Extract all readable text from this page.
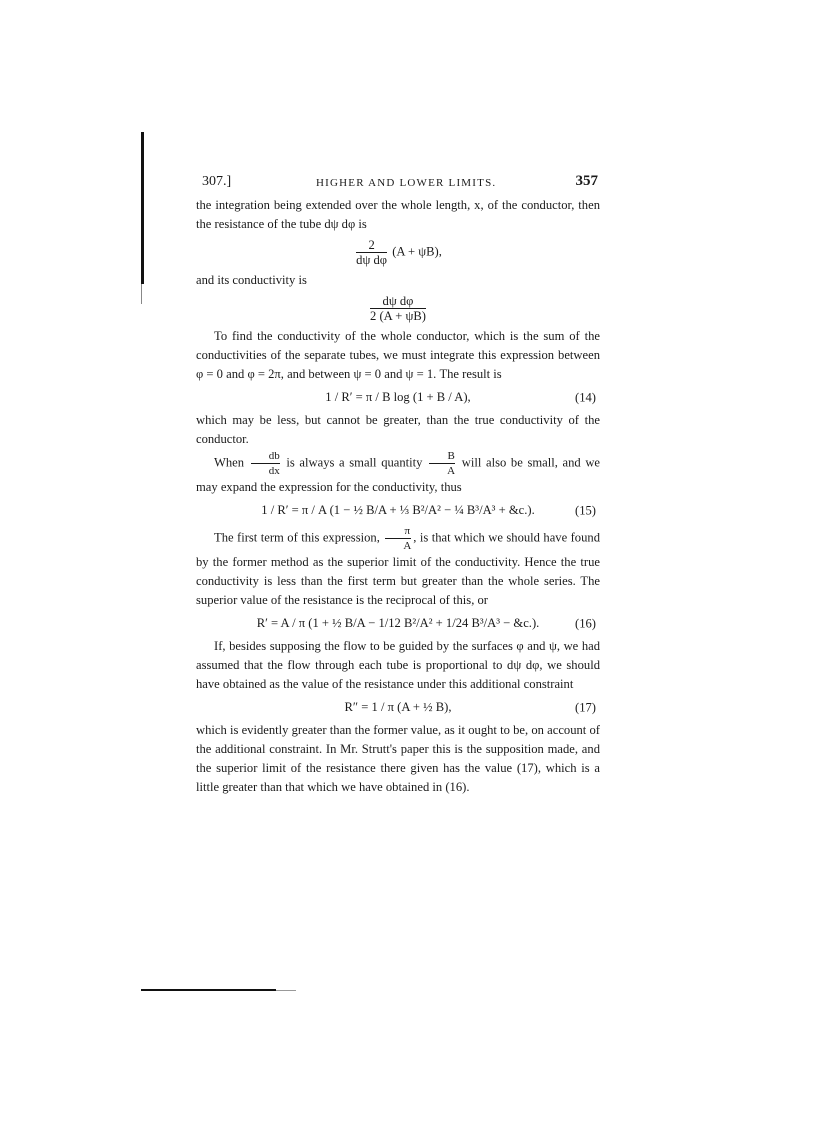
307.]	HIGHER AND LOWER LIMITS.	357

the integration being extended over the whole length, x, of the conductor, then the resistance of the tube dψ dφ is

$\frac{2}{\text{dψ dφ}} (A + \psi B)$,

and its conductivity is

$\frac{\text{dψ dφ}}{2 (A + \psi B)}$

To find the conductivity of the whole conductor, which is the sum of the conductivities of the separate tubes, we must integrate this expression between φ = 0 and φ = 2π, and between ψ = 0 and ψ = 1. The result is

1 / R′ = π / B log (1 + B / A),	(14)

which may be less, but cannot be greater, than the true conductivity of the conductor.

When $\frac{db}{dx}$ is always a small quantity $\frac{B}{A}$ will also be small, and we may expand the expression for the conductivity, thus

1 / R′ = π / A (1 − ½ B/A + ⅓ B²/A² − ¼ B³/A³ + &c.).	(15)

The first term of this expression, $\frac{\pi}{A}$ , is that which we should have found by the former method as the superior limit of the conductivity. Hence the true conductivity is less than the first term but greater than the whole series. The superior value of the resistance is the reciprocal of this, or

R′ = A / π (1 + ½ B/A − 1/12 B²/A² + 1/24 B³/A³ − &c.).	(16)

If, besides supposing the flow to be guided by the surfaces φ and ψ, we had assumed that the flow through each tube is proportional to dψ dφ, we should have obtained as the value of the resistance under this additional constraint

R″ = 1 / π (A + ½ B),	(17)

which is evidently greater than the former value, as it ought to be, on account of the additional constraint. In Mr. Strutt's paper this is the supposition made, and the superior limit of the resistance there given has the value (17), which is a little greater than that which we have obtained in (16).
